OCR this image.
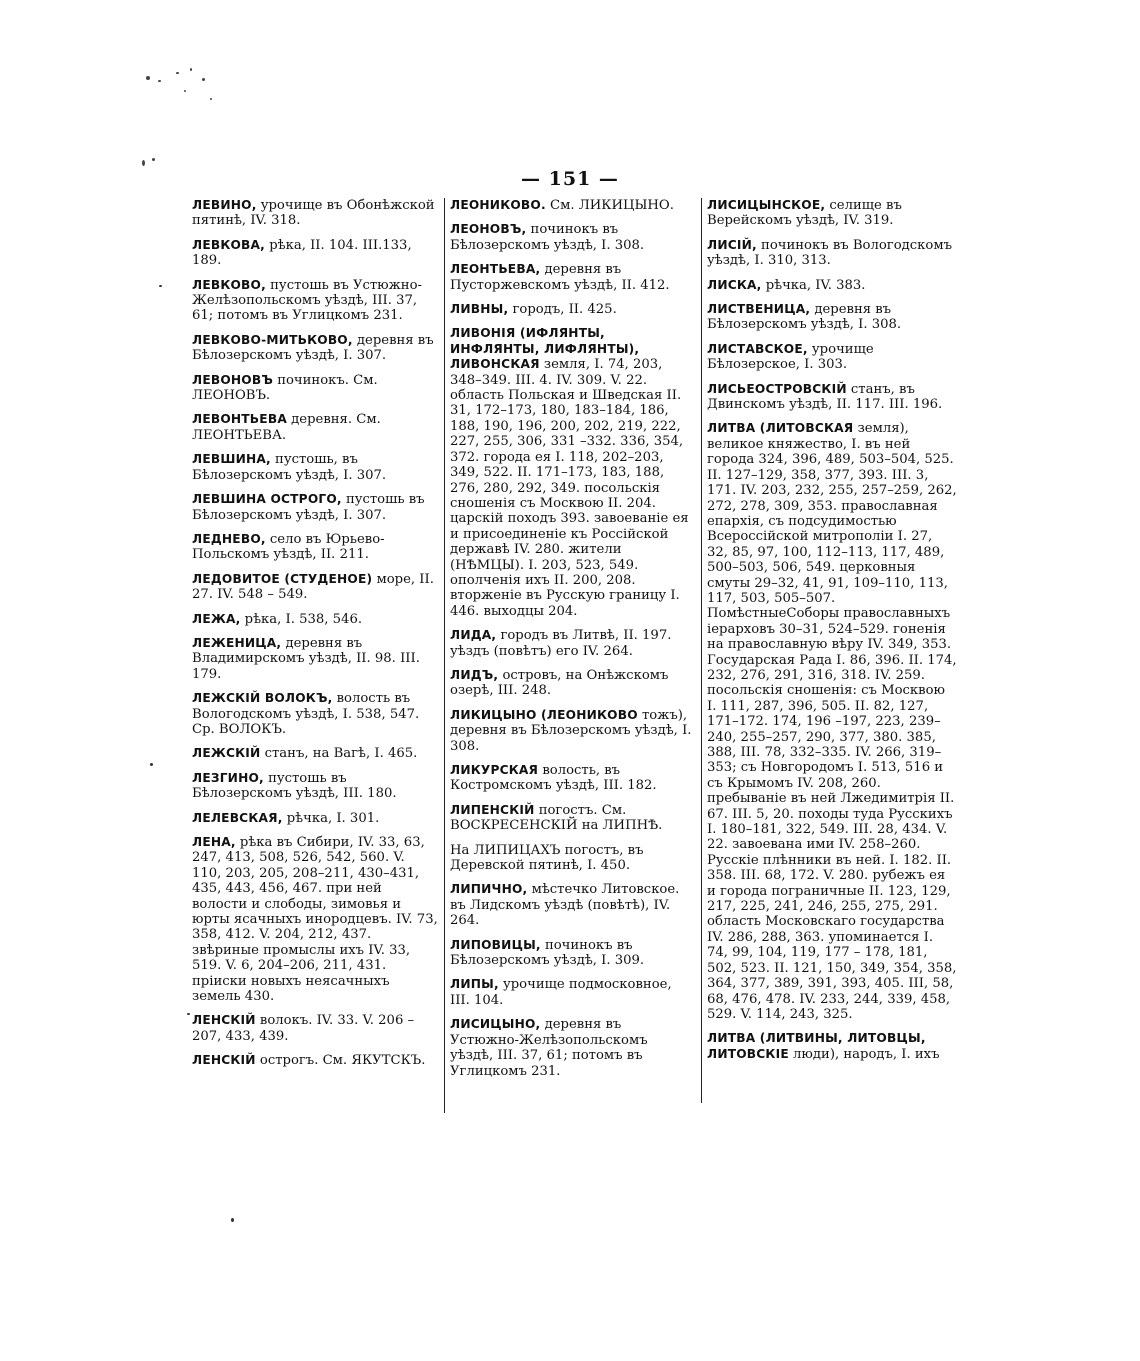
— 151 —

ЛЕВИНО, урочище въ Обонѣжской пятинѣ, IV. 318.

ЛЕВКОВА, рѣка, II. 104. III.133, 189.

ЛЕВКОВО, пустошь въ Устюжно-Желѣзопольскомъ уѣздѣ, III. 37, 61; потомъ въ Углицкомъ 231.

ЛЕВКОВО-МИТЬКОВО, деревня въ Бѣлозерскомъ уѣздѣ, I. 307.

ЛЕВОНОВЪ починокъ. См. ЛЕОНОВЪ.

ЛЕВОНТЬЕВА деревня. См. ЛЕОНТЬЕВА.

ЛЕВШИНА, пустошь, въ Бѣлозерскомъ уѣздѣ, I. 307.

ЛЕВШИНА ОСТРОГО, пустошь въ Бѣлозерскомъ уѣздѣ, I. 307.

ЛЕДНЕВО, село въ Юрьево-Польскомъ уѣздѣ, II. 211.

ЛЕДОВИТОЕ (СТУДЕНОЕ) море, II. 27. IV. 548 – 549.

ЛЕЖА, рѣка, I. 538, 546.

ЛЕЖЕНИЦА, деревня въ Владимирскомъ уѣздѣ, II. 98. III. 179.

ЛЕЖСКІЙ ВОЛОКЪ, волость въ Вологодскомъ уѣздѣ, I. 538, 547. Ср. ВОЛОКЪ.

ЛЕЖСКІЙ станъ, на Вагѣ, I. 465.

ЛЕЗГИНО, пустошь въ Бѣлозерскомъ уѣздѣ, III. 180.

ЛЕЛЕВСКАЯ, рѣчка, I. 301.

ЛЕНА, рѣка въ Сибири, IV. 33, 63, 247, 413, 508, 526, 542, 560. V. 110, 203, 205, 208–211, 430–431, 435, 443, 456, 467. при ней волости и слободы, зимовья и юрты ясачныхъ инородцевъ. IV. 73, 358, 412. V. 204, 212, 437. звѣриные промыслы ихъ IV. 33, 519. V. 6, 204–206, 211, 431. пріиски новыхъ неясачныхъ земель 430.

ЛЕНСКІЙ волокъ. IV. 33. V. 206 – 207, 433, 439.

ЛЕНСКІЙ острогъ. См. ЯКУТСКЪ.

ЛЕОНИКОВО. См. ЛИКИЦЫНО.

ЛЕОНОВЪ, починокъ въ Бѣлозерскомъ уѣздѣ, I. 308.

ЛЕОНТЬЕВА, деревня въ Пусторжевскомъ уѣздѣ, II. 412.

ЛИВНЫ, городъ, II. 425.

ЛИВОНІЯ (ИФЛЯНТЫ, ИНФЛЯНТЫ, ЛИФЛЯНТЫ), ЛИВОНСКАЯ земля, I. 74, 203, 348–349. III. 4. IV. 309. V. 22. область Польская и Шведская II. 31, 172–173, 180, 183–184, 186, 188, 190, 196, 200, 202, 219, 222, 227, 255, 306, 331 –332. 336, 354, 372. города ея I. 118, 202–203, 349, 522. II. 171–173, 183, 188, 276, 280, 292, 349. посольскія сношенія съ Москвою II. 204. царскій походъ 393. завоеваніе ея и присоединеніе къ Россійской державѣ IV. 280. жители (НѢМЦЫ). I. 203, 523, 549. ополченія ихъ II. 200, 208. вторженіе въ Русскую границу I. 446. выходцы 204.

ЛИДА, городъ въ Литвѣ, II. 197. уѣздъ (повѣтъ) его IV. 264.

ЛИДЪ, островъ, на Онѣжскомъ озерѣ, III. 248.

ЛИКИЦЫНО (ЛЕОНИКОВО тожъ), деревня въ Бѣлозерскомъ уѣздѣ, I. 308.

ЛИКУРСКАЯ волость, въ Костромскомъ уѣздѣ, III. 182.

ЛИПЕНСКІЙ погостъ. См. ВОСКРЕСЕНСКІЙ на ЛИПНѢ.

На ЛИПИЦАХЪ погостъ, въ Деревской пятинѣ, I. 450.

ЛИПИЧНО, мѣстечко Литовское. въ Лидскомъ уѣздѣ (повѣтѣ), IV. 264.

ЛИПОВИЦЫ, починокъ въ Бѣлозерскомъ уѣздѣ, I. 309.

ЛИПЫ, урочище подмосковное, III. 104.

ЛИСИЦЫНО, деревня въ Устюжно-Желѣзопольскомъ уѣздѣ, III. 37, 61; потомъ въ Углицкомъ 231.

ЛИСИЦЫНСКОЕ, селище въ Верейскомъ уѣздѣ, IV. 319.

ЛИСІЙ, починокъ въ Вологодскомъ уѣздѣ, I. 310, 313.

ЛИСКА, рѣчка, IV. 383.

ЛИСТВЕНИЦА, деревня въ Бѣлозерскомъ уѣздѣ, I. 308.

ЛИСТАВСКОЕ, урочище Бѣлозерское, I. 303.

ЛИСЬЕОСТРОВСКІЙ станъ, въ Двинскомъ уѣздѣ, II. 117. III. 196.

ЛИТВА (ЛИТОВСКАЯ земля), великое княжество, I. въ ней города 324, 396, 489, 503–504, 525. II. 127–129, 358, 377, 393. III. 3, 171. IV. 203, 232, 255, 257–259, 262, 272, 278, 309, 353. православная епархія, съ подсудимостью Всероссійской митрополіи I. 27, 32, 85, 97, 100, 112–113, 117, 489, 500–503, 506, 549. церковныя смуты 29–32, 41, 91, 109–110, 113, 117, 503, 505–507. ПомѣстныеСоборы православныхъ іерарховъ 30–31, 524–529. гоненія на православную вѣру IV. 349, 353. Государская Рада I. 86, 396. II. 174, 232, 276, 291, 316, 318. IV. 259. посольскія сношенія: съ Москвою I. 111, 287, 396, 505. II. 82, 127, 171–172. 174, 196 –197, 223, 239–240, 255–257, 290, 377, 380. 385, 388, III. 78, 332–335. IV. 266, 319–353; съ Новгородомъ I. 513, 516 и съ Крымомъ IV. 208, 260. пребываніе въ ней Лжедимитрія II. 67. III. 5, 20. походы туда Русскихъ I. 180–181, 322, 549. III. 28, 434. V. 22. завоевана ими IV. 258–260. Русскіе плѣнники въ ней. I. 182. II. 358. III. 68, 172. V. 280. рубежъ ея и города пограничные II. 123, 129, 217, 225, 241, 246, 255, 275, 291. область Московскаго государства IV. 286, 288, 363. упоминается I. 74, 99, 104, 119, 177 – 178, 181, 502, 523. II. 121, 150, 349, 354, 358, 364, 377, 389, 391, 393, 405. III, 58, 68, 476, 478. IV. 233, 244, 339, 458, 529. V. 114, 243, 325.

ЛИТВА (ЛИТВИНЫ, ЛИТОВЦЫ, ЛИТОВСКІЕ люди), народъ, I. ихъ
